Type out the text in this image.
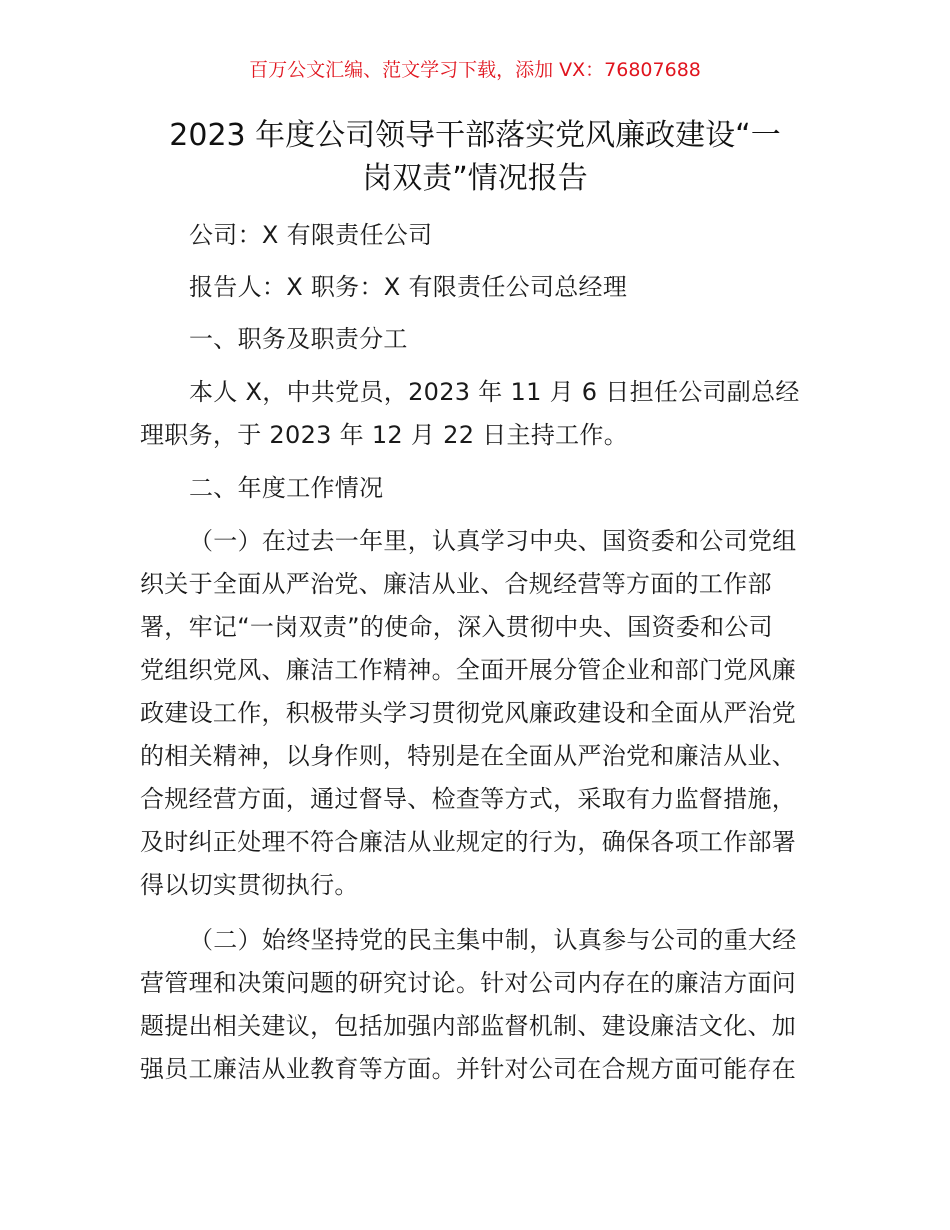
百万公文汇编、范文学习下载，添加 VX：76807688
2023 年度公司领导干部落实党风廉政建设“一
岗双责”情况报告
公司：X 有限责任公司
报告人：X 职务：X 有限责任公司总经理
一、职务及职责分工
本人 X，中共党员，2023 年 11 月 6 日担任公司副总经
理职务，于 2023 年 12 月 22 日主持工作。
二、年度工作情况
（一）在过去一年里，认真学习中央、国资委和公司党组
织关于全面从严治党、廉洁从业、合规经营等方面的工作部
署，牢记“一岗双责”的使命，深入贯彻中央、国资委和公司
党组织党风、廉洁工作精神。全面开展分管企业和部门党风廉
政建设工作，积极带头学习贯彻党风廉政建设和全面从严治党
的相关精神，以身作则，特别是在全面从严治党和廉洁从业、
合规经营方面，通过督导、检查等方式，采取有力监督措施，
及时纠正处理不符合廉洁从业规定的行为，确保各项工作部署
得以切实贯彻执行。
（二）始终坚持党的民主集中制，认真参与公司的重大经
营管理和决策问题的研究讨论。针对公司内存在的廉洁方面问
题提出相关建议，包括加强内部监督机制、建设廉洁文化、加
强员工廉洁从业教育等方面。并针对公司在合规方面可能存在
